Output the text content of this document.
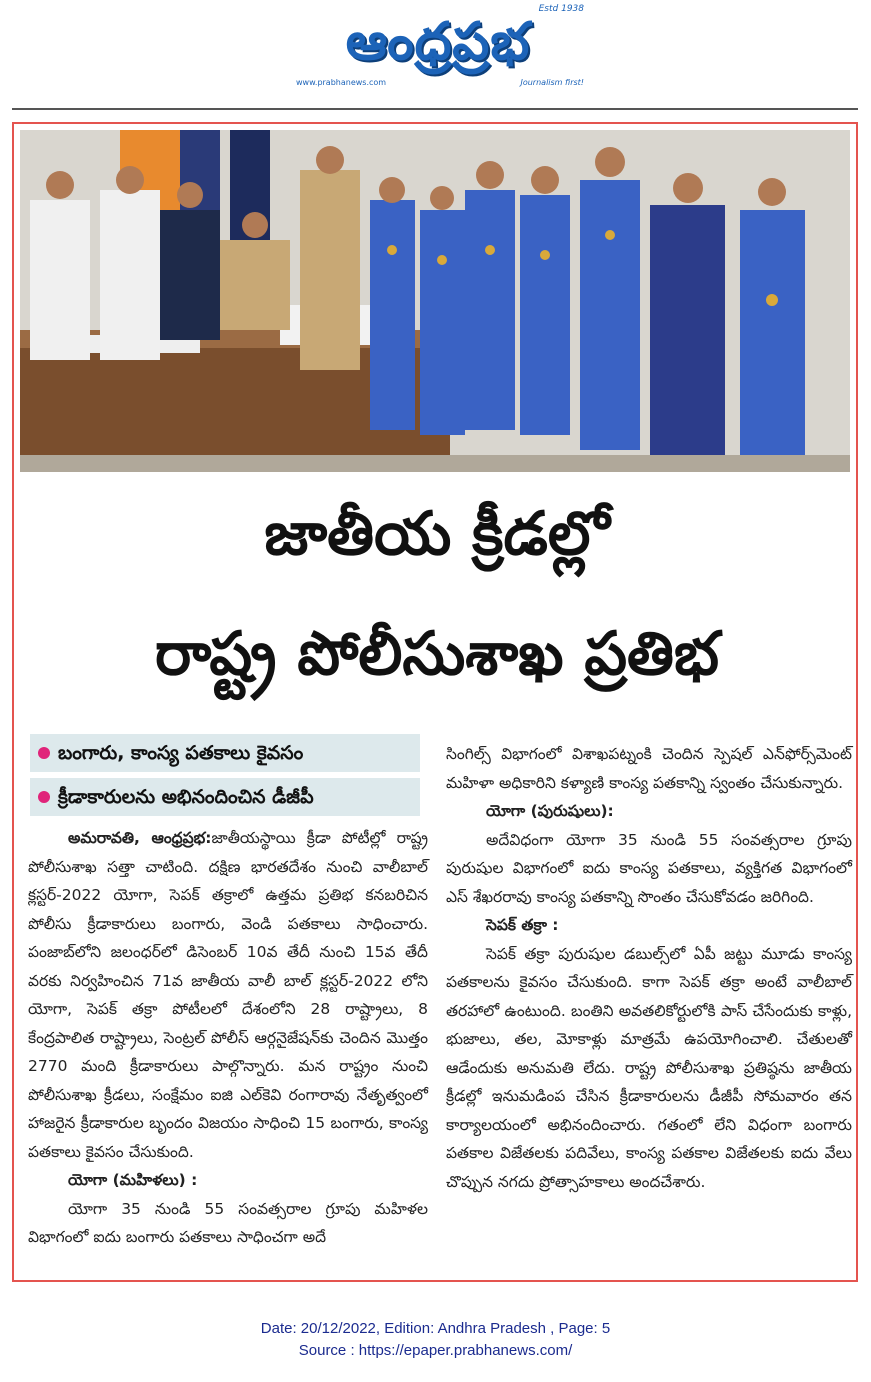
ఆంధ్రప్రభ
Estd 1938
www.prabhanews.com	Journalism first!
జాతీయ క్రీడల్లో
రాష్ట్ర పోలీసుశాఖ ప్రతిభ
బంగారు, కాంస్య పతకాలు కైవసం
క్రీడాకారులను అభినందించిన డీజీపీ

అమరావతి, ఆంధ్రప్రభ:జాతీయస్థాయి క్రీడా పోటీల్లో రాష్ట్ర పోలీసుశాఖ సత్తా చాటింది. దక్షిణ భారతదేశం నుంచి వాలీబాల్ క్లస్టర్-2022 యోగా, సెపక్ తక్రాలో ఉత్తమ ప్రతిభ కనబరిచిన పోలీసు క్రీడాకారులు బంగారు, వెండి పతకాలు సాధించారు. పంజాబ్‌లోని జలంధర్‌లో డిసెంబర్ 10వ తేదీ నుంచి 15వ తేదీ వరకు నిర్వహించిన 71వ జాతీయ వాలీ బాల్ క్లస్టర్-2022 లోని యోగా, సెపక్ తక్రా పోటీలలో దేశంలోని 28 రాష్ట్రాలు, 8 కేంద్రపాలిత రాష్ట్రాలు, సెంట్రల్ పోలీస్ ఆర్గనైజేషన్‌కు చెందిన మొత్తం 2770 మంది క్రీడాకారులు పాల్గొన్నారు. మన రాష్ట్రం నుంచి పోలీసుశాఖ క్రీడలు, సంక్షేమం ఐజి ఎల్‌కెవి రంగారావు నేతృత్వంలో హాజరైన క్రీడాకారుల బృందం విజయం సాధించి 15 బంగారు, కాంస్య పతకాలు కైవసం చేసుకుంది.

యోగా (మహిళలు) :

యోగా 35 నుండి 55 సంవత్సరాల గ్రూపు మహిళల విభాగంలో ఐదు బంగారు పతకాలు సాధించగా అదే

సింగిల్స్ విభాగంలో విశాఖపట్నంకి చెందిన స్పెషల్ ఎన్‌ఫోర్స్‌మెంట్ మహిళా అధికారిని కళ్యాణి కాంస్య పతకాన్ని స్వంతం చేసుకున్నారు.

యోగా (పురుషులు):

అదేవిధంగా యోగా 35 నుండి 55 సంవత్సరాల గ్రూపు పురుషుల విభాగంలో ఐదు కాంస్య పతకాలు, వ్యక్తిగత విభాగంలో ఎస్ శేఖరరావు కాంస్య పతకాన్ని సొంతం చేసుకోవడం జరిగింది.

సెపక్ తక్రా :

సెపక్ తక్రా పురుషుల డబుల్స్‌లో ఏపీ జట్టు మూడు కాంస్య పతకాలను కైవసం చేసుకుంది. కాగా సెపక్ తక్రా అంటే వాలీబాల్ తరహాలో ఉంటుంది. బంతిని అవతలికోర్టులోకి పాస్ చేసేందుకు కాళ్లు, భుజాలు, తల, మోకాళ్లు మాత్రమే ఉపయోగించాలి. చేతులతో ఆడేందుకు అనుమతి లేదు. రాష్ట్ర పోలీసుశాఖ ప్రతిష్ఠను జాతీయ క్రీడల్లో ఇనుమడింప చేసిన క్రీడాకారులను డీజీపీ సోమవారం తన కార్యాలయంలో అభినందించారు. గతంలో లేని విధంగా బంగారు పతకాల విజేతలకు పదివేలు, కాంస్య పతకాల విజేతలకు ఐదు వేలు చొప్పున నగదు ప్రోత్సాహకాలు అందచేశారు.

Date: 20/12/2022, Edition: Andhra Pradesh , Page: 5
Source : https://epaper.prabhanews.com/
